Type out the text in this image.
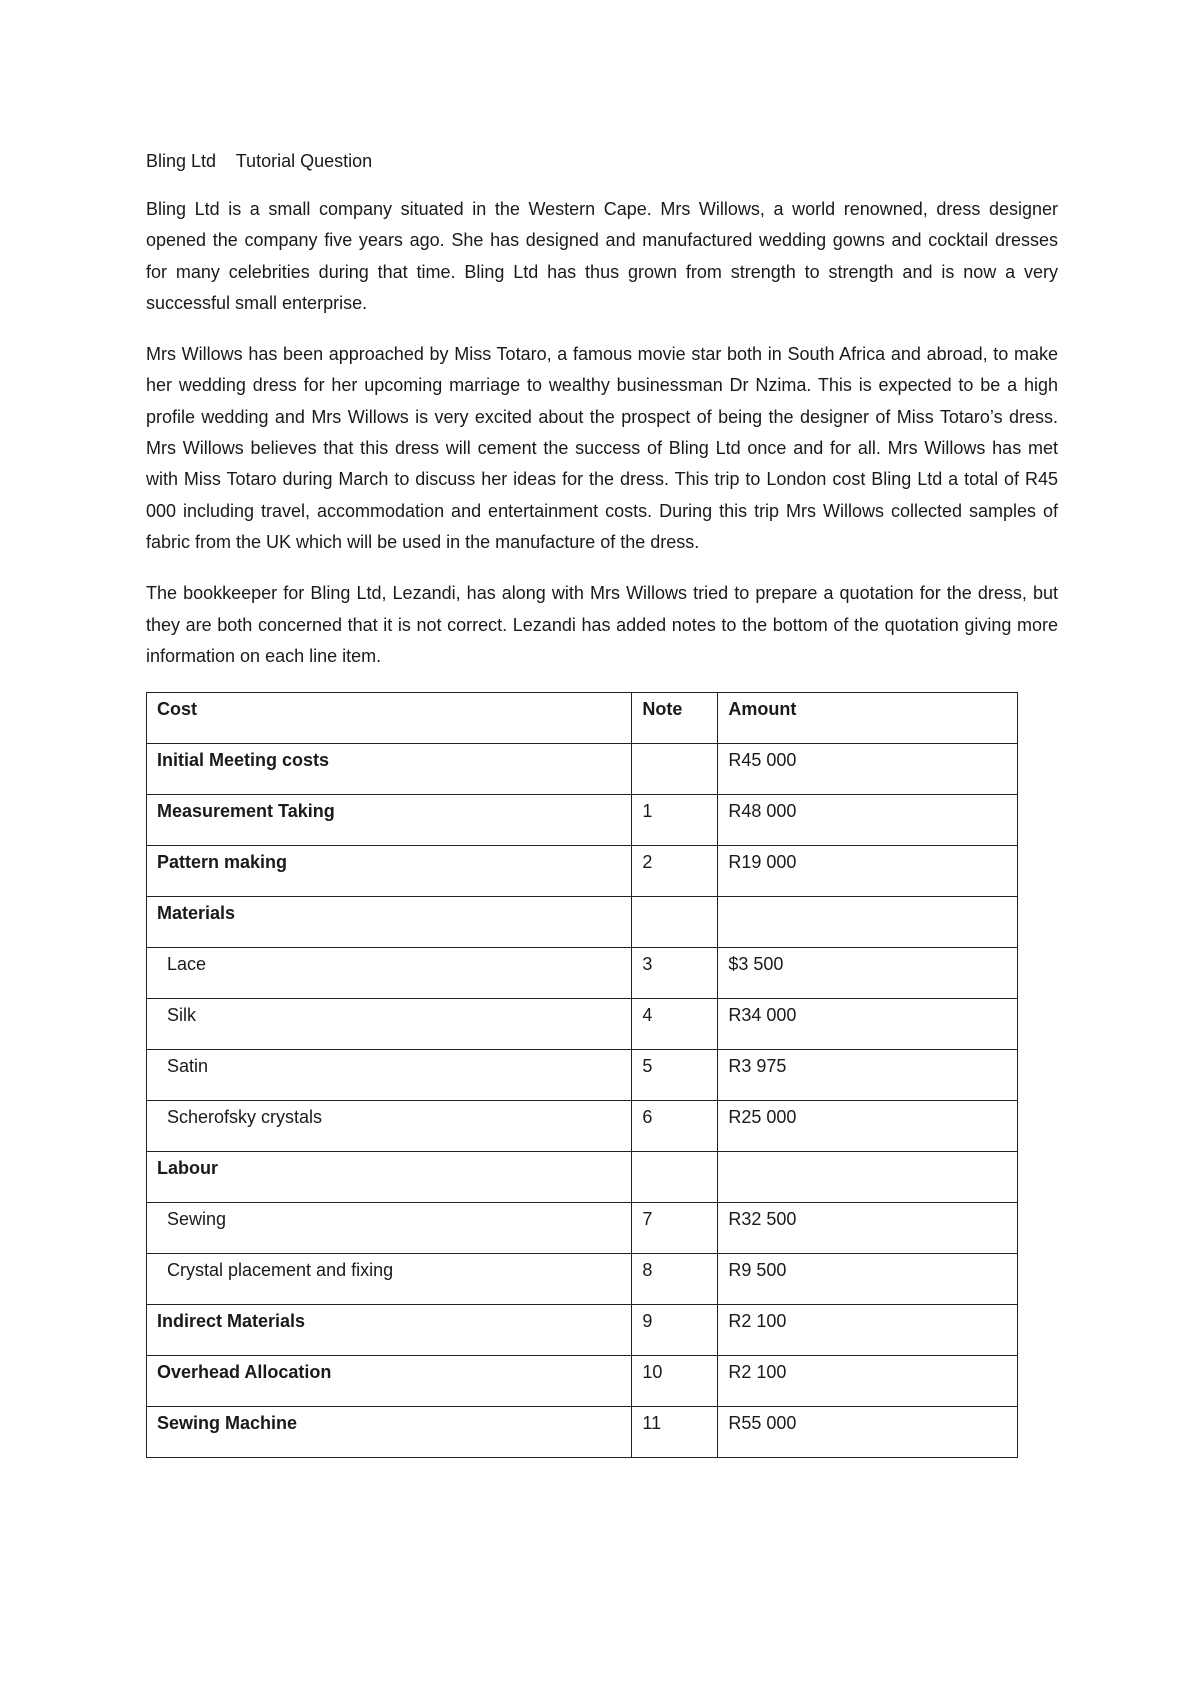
Bling Ltd    Tutorial Question

Bling Ltd is a small company situated in the Western Cape. Mrs Willows, a world renowned, dress designer opened the company five years ago. She has designed and manufactured wedding gowns and cocktail dresses for many celebrities during that time. Bling Ltd has thus grown from strength to strength and is now a very successful small enterprise.

Mrs Willows has been approached by Miss Totaro, a famous movie star both in South Africa and abroad, to make her wedding dress for her upcoming marriage to wealthy businessman Dr Nzima. This is expected to be a high profile wedding and Mrs Willows is very excited about the prospect of being the designer of Miss Totaro’s dress. Mrs Willows believes that this dress will cement the success of Bling Ltd once and for all. Mrs Willows has met with Miss Totaro during March to discuss her ideas for the dress. This trip to London cost Bling Ltd a total of R45 000 including travel, accommodation and entertainment costs. During this trip Mrs Willows collected samples of fabric from the UK which will be used in the manufacture of the dress.

The bookkeeper for Bling Ltd, Lezandi, has along with Mrs Willows tried to prepare a quotation for the dress, but they are both concerned that it is not correct. Lezandi has added notes to the bottom of the quotation giving more information on each line item.

Cost	Note	Amount
Initial Meeting costs		R45 000
Measurement Taking	1	R48 000
Pattern making	2	R19 000
Materials		
Lace	3	$3 500
Silk	4	R34 000
Satin	5	R3 975
Scherofsky crystals	6	R25 000
Labour		
Sewing	7	R32 500
Crystal placement and fixing	8	R9 500
Indirect Materials	9	R2 100
Overhead Allocation	10	R2 100
Sewing Machine	11	R55 000
